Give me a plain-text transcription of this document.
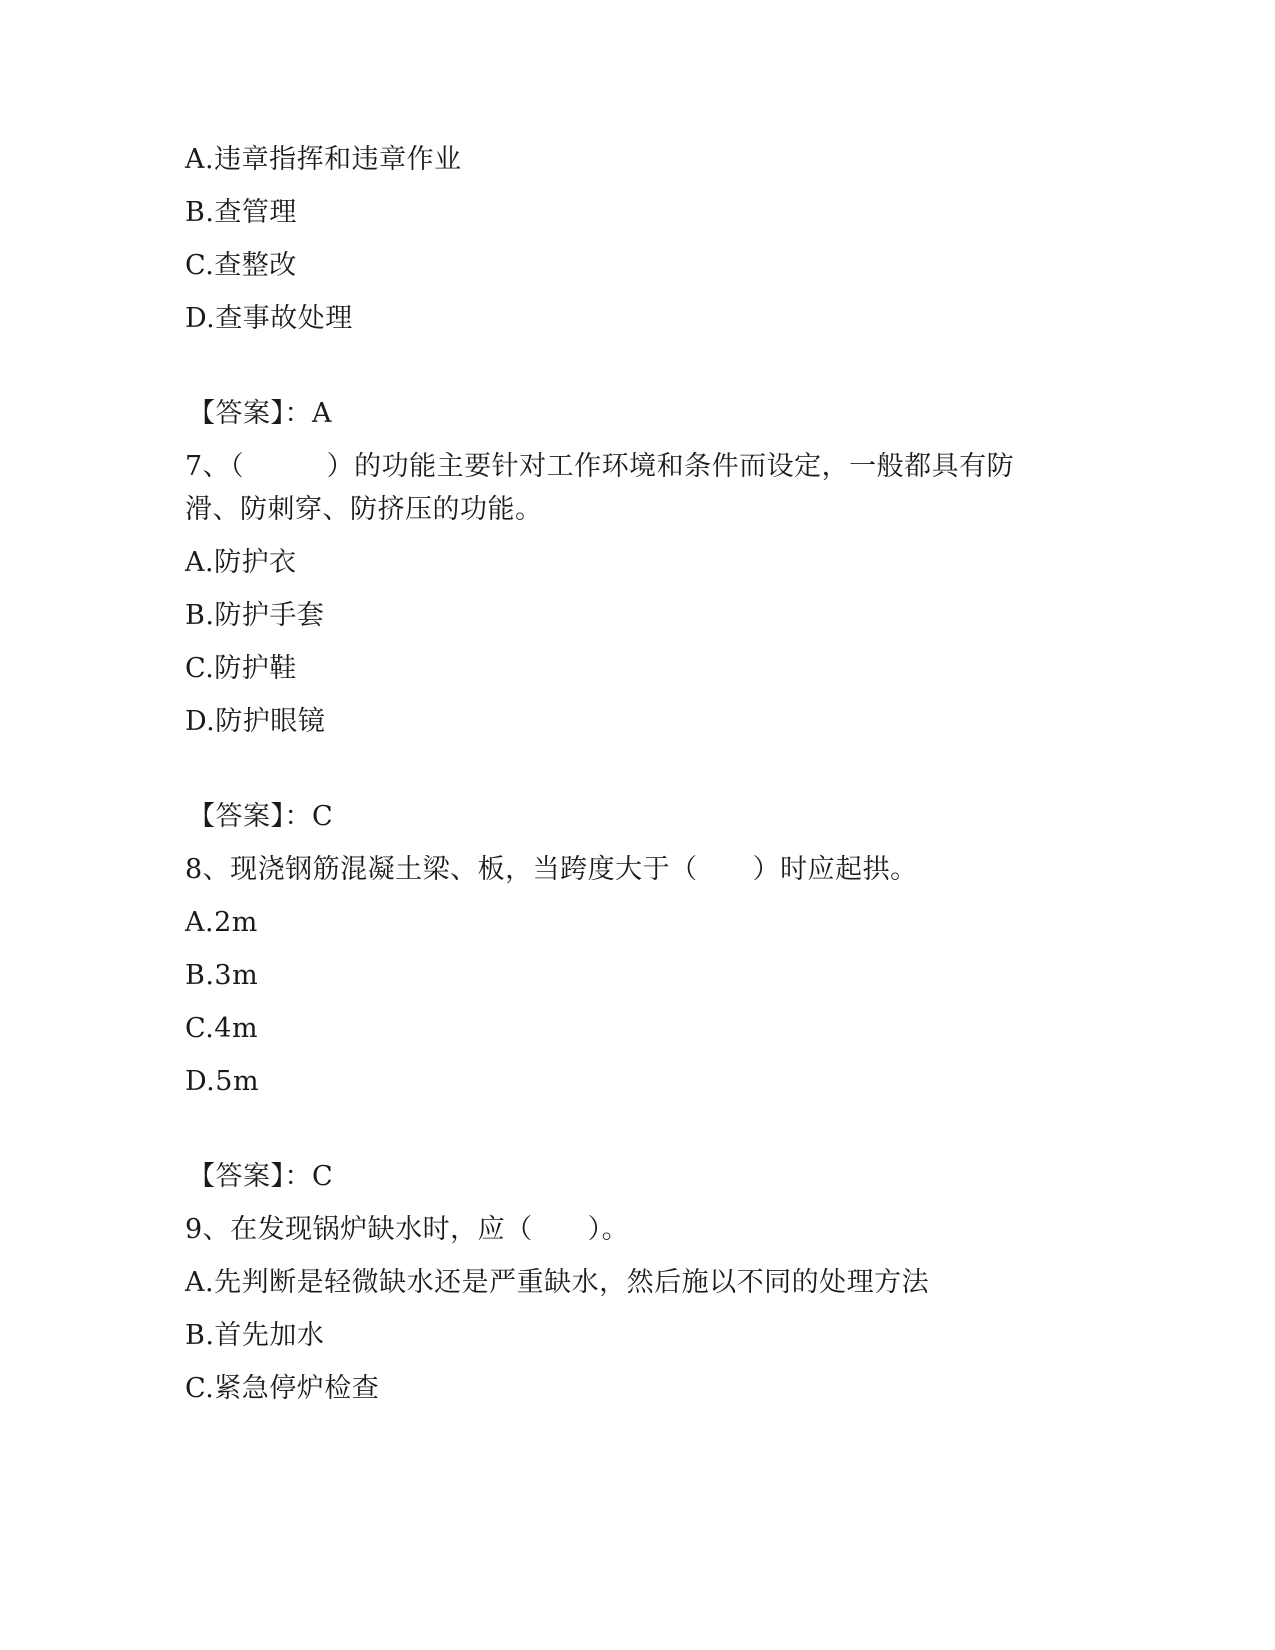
A.违章指挥和违章作业
B.查管理
C.查整改
D.查事故处理
【答案】：A
7、（　　　）的功能主要针对工作环境和条件而设定，一般都具有防
滑、防刺穿、防挤压的功能。
A.防护衣
B.防护手套
C.防护鞋
D.防护眼镜
【答案】：C
8、现浇钢筋混凝土梁、板，当跨度大于（　　）时应起拱。
A.2m
B.3m
C.4m
D.5m
【答案】：C
9、在发现锅炉缺水时，应（　　）。
A.先判断是轻微缺水还是严重缺水，然后施以不同的处理方法
B.首先加水
C.紧急停炉检查
